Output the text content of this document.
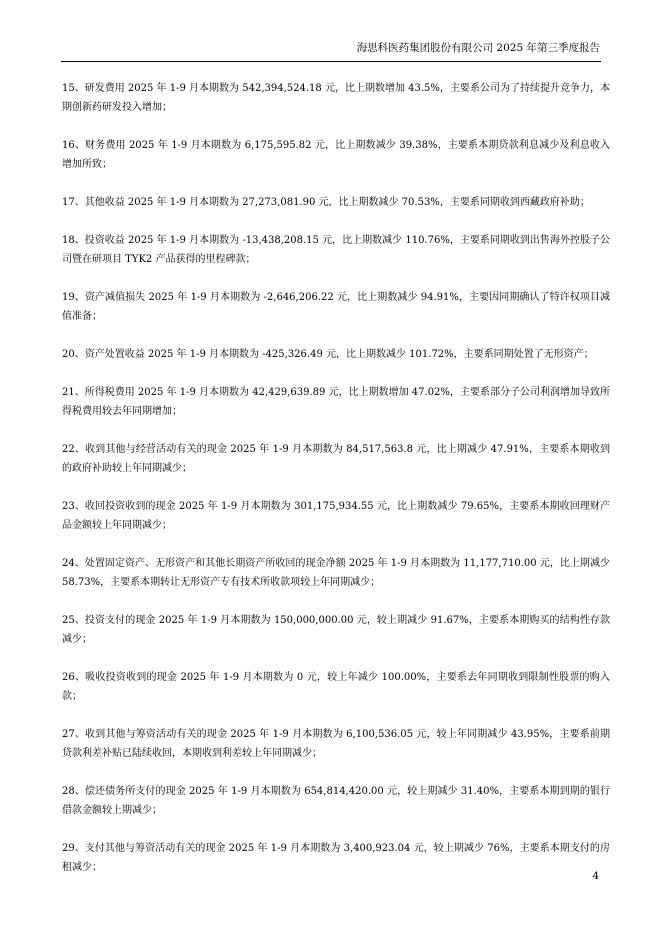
海思科医药集团股份有限公司 2025 年第三季度报告

15、研发费用 2025 年 1-9 月本期数为 542,394,524.18 元，比上期数增加 43.5%，主要系公司为了持续提升竞争力，本期创新药研发投入增加；

16、财务费用 2025 年 1-9 月本期数为 6,175,595.82 元，比上期数减少 39.38%，主要系本期贷款利息减少及利息收入增加所致；

17、其他收益 2025 年 1-9 月本期数为 27,273,081.90 元，比上期数减少 70.53%，主要系同期收到西藏政府补助；

18、投资收益 2025 年 1-9 月本期数为 -13,438,208.15 元，比上期数减少 110.76%，主要系同期收到出售海外控股子公司暨在研项目 TYK2 产品获得的里程碑款；

19、资产减值损失 2025 年 1-9 月本期数为 -2,646,206.22 元，比上期数减少 94.91%，主要因同期确认了特许权项目减值准备；

20、资产处置收益 2025 年 1-9 月本期数为 -425,326.49 元，比上期数减少 101.72%，主要系同期处置了无形资产；

21、所得税费用 2025 年 1-9 月本期数为 42,429,639.89 元，比上期数增加 47.02%，主要系部分子公司利润增加导致所得税费用较去年同期增加；

22、收到其他与经营活动有关的现金 2025 年 1-9 月本期数为 84,517,563.8 元，比上期减少 47.91%，主要系本期收到的政府补助较上年同期减少；

23、收回投资收到的现金 2025 年 1-9 月本期数为 301,175,934.55 元，比上期数减少 79.65%，主要系本期收回理财产品金额较上年同期减少；

24、处置固定资产、无形资产和其他长期资产所收回的现金净额 2025 年 1-9 月本期数为 11,177,710.00 元，比上期减少 58.73%，主要系本期转让无形资产专有技术所收款项较上年同期减少；

25、投资支付的现金 2025 年 1-9 月本期数为 150,000,000.00 元，较上期减少 91.67%，主要系本期购买的结构性存款减少；

26、吸收投资收到的现金 2025 年 1-9 月本期数为 0 元，较上年减少 100.00%，主要系去年同期收到限制性股票的购入款；

27、收到其他与筹资活动有关的现金 2025 年 1-9 月本期数为 6,100,536.05 元，较上年同期减少 43.95%，主要系前期贷款利差补贴已陆续收回，本期收到利差较上年同期减少；

28、偿还债务所支付的现金 2025 年 1-9 月本期数为 654,814,420.00 元，较上期减少 31.40%，主要系本期到期的银行借款金额较上期减少；

29、支付其他与筹资活动有关的现金 2025 年 1-9 月本期数为 3,400,923.04 元，较上期减少 76%，主要系本期支付的房租减少；

4
